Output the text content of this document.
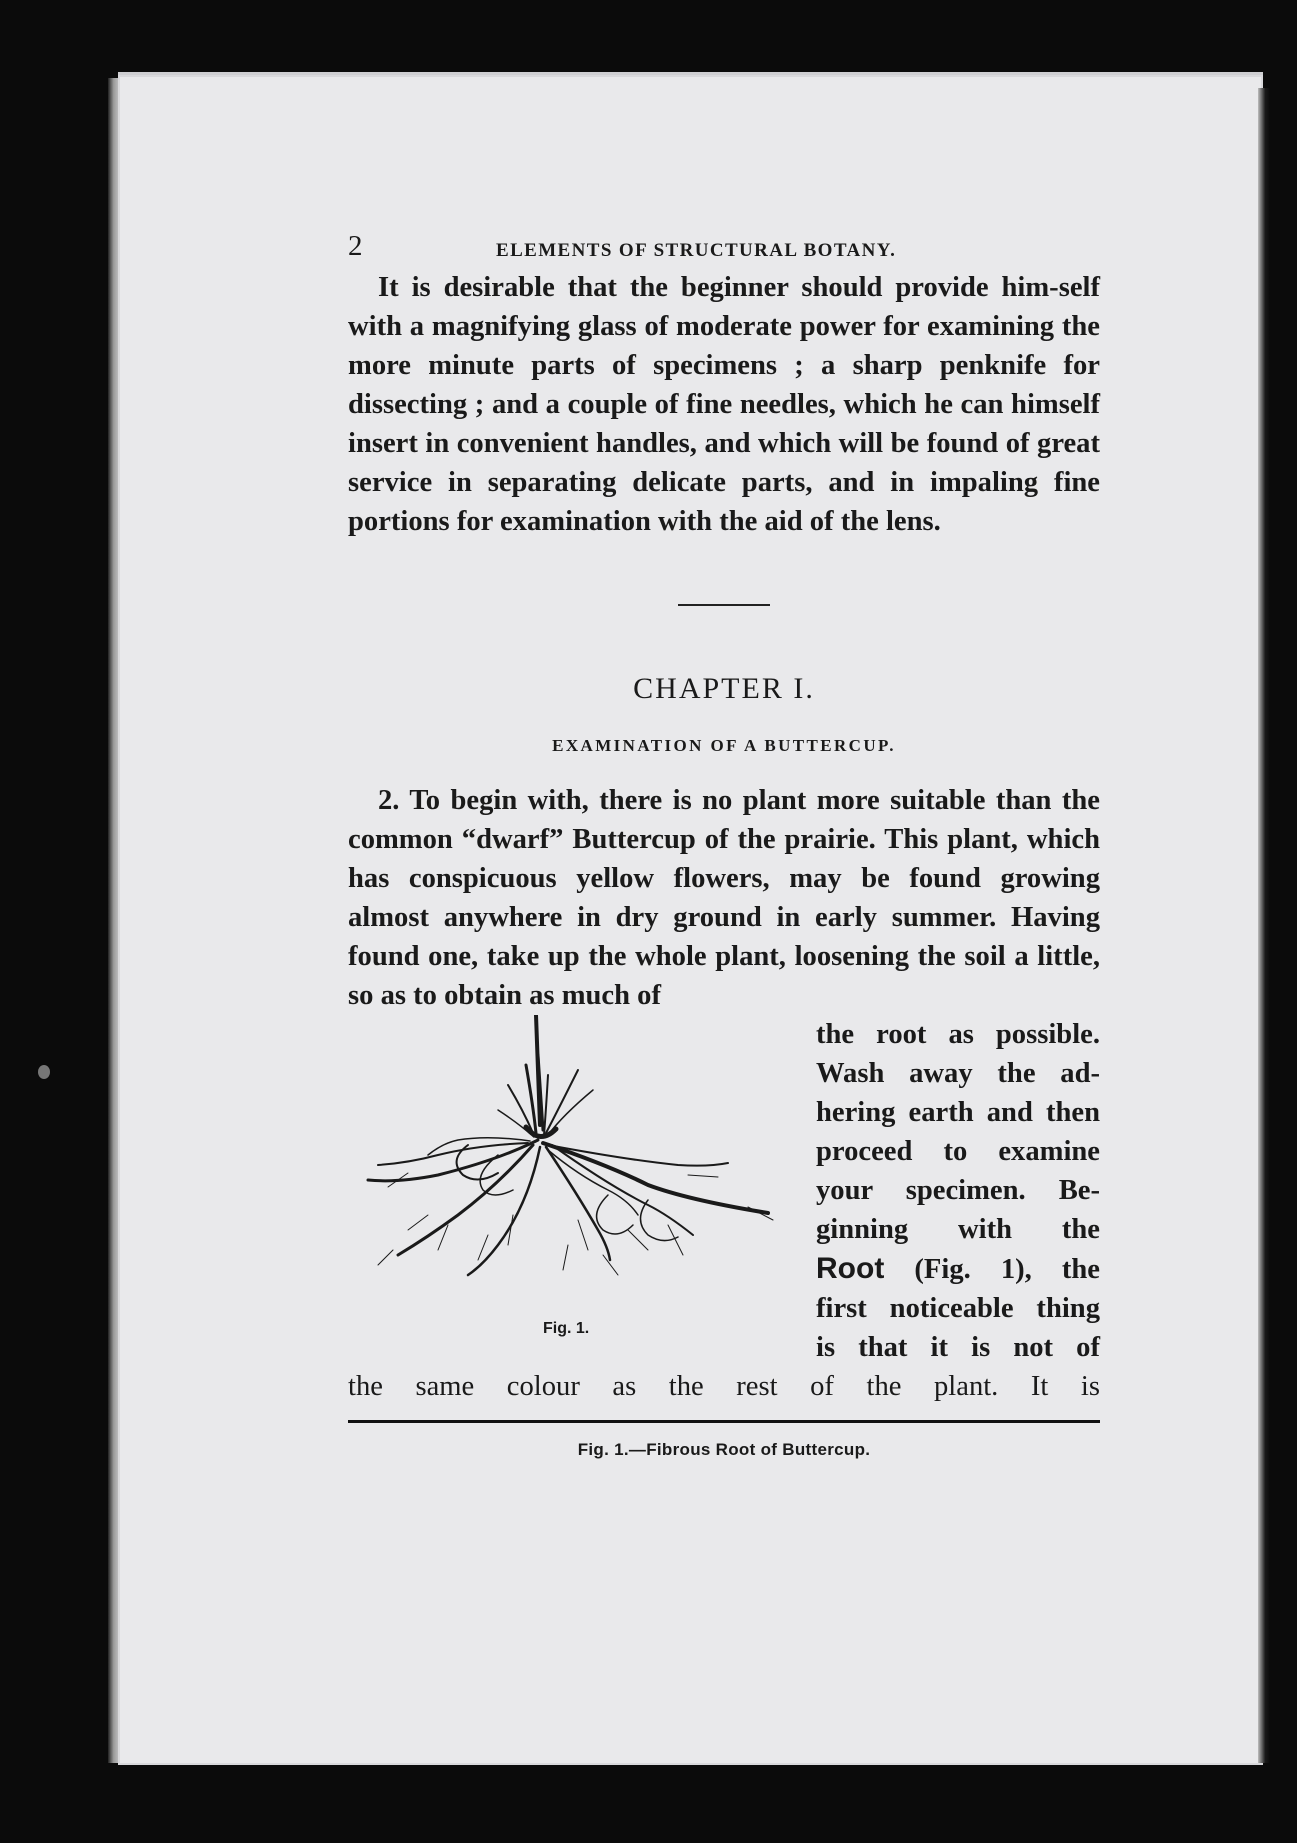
2	ELEMENTS OF STRUCTURAL BOTANY.

It is desirable that the beginner should provide him-self with a magnifying glass of moderate power for examining the more minute parts of specimens ; a sharp penknife for dissecting ; and a couple of fine needles, which he can himself insert in convenient handles, and which will be found of great service in separating delicate parts, and in impaling fine portions for examination with the aid of the lens.

CHAPTER I.
EXAMINATION OF A BUTTERCUP.

2. To begin with, there is no plant more suitable than the common “dwarf” Buttercup of the prairie. This plant, which has conspicuous yellow flowers, may be found growing almost anywhere in dry ground in early summer. Having found one, take up the whole plant, loosening the soil a little, so as to obtain as much of

Fig. 1.
the root as possible.
Wash away the ad-
hering earth and then
proceed to examine
your specimen. Be-
ginning with the
Root (Fig. 1), the
first noticeable thing
is that it is not of

the same colour as the rest of the plant. It is

Fig. 1.—Fibrous Root of Buttercup.
